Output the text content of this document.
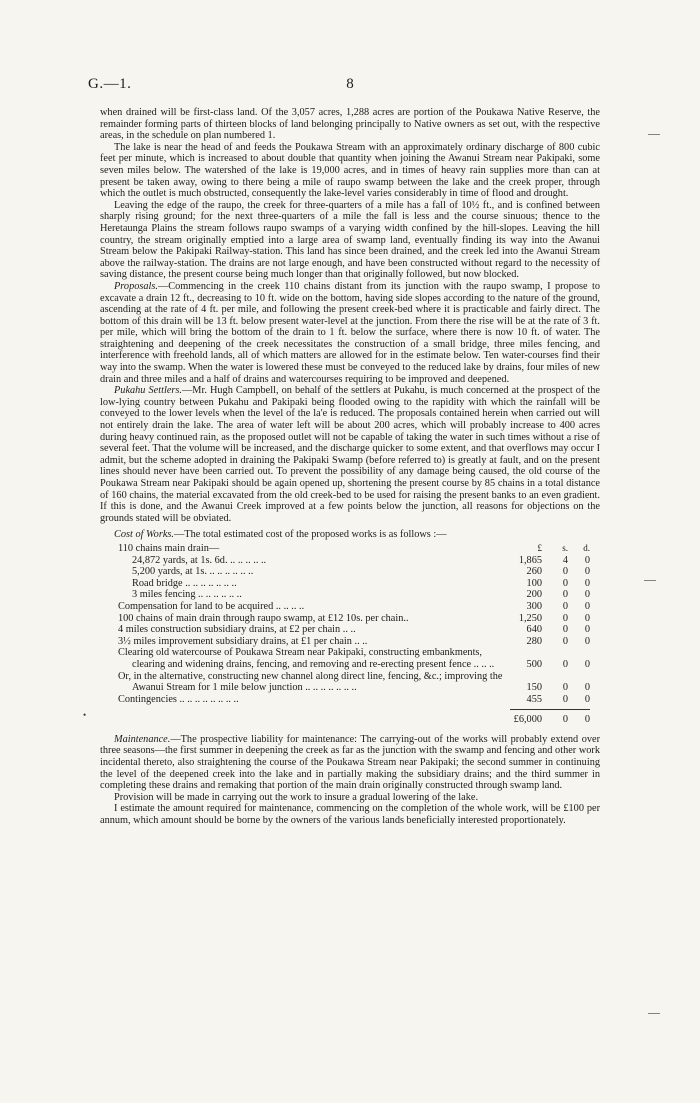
G.—1.	8
—
—
•
—

when drained will be first-class land. Of the 3,057 acres, 1,288 acres are portion of the Poukawa Native Reserve, the remainder forming parts of thirteen blocks of land belonging principally to Native owners as set out, with the respective areas, in the schedule on plan numbered 1.

The lake is near the head of and feeds the Poukawa Stream with an approximately ordinary discharge of 800 cubic feet per minute, which is increased to about double that quantity when joining the Awanui Stream near Pakipaki, some seven miles below. The watershed of the lake is 19,000 acres, and in times of heavy rain supplies more than can at present be taken away, owing to there being a mile of raupo swamp between the lake and the creek proper, through which the outlet is much obstructed, consequently the lake-level varies considerably in time of flood and drought.

Leaving the edge of the raupo, the creek for three-quarters of a mile has a fall of 10½ ft., and is confined between sharply rising ground; for the next three-quarters of a mile the fall is less and the course sinuous; thence to the Heretaunga Plains the stream follows raupo swamps of a varying width confined by the hill-slopes. Leaving the hill country, the stream originally emptied into a large area of swamp land, eventually finding its way into the Awanui Stream below the Pakipaki Railway-station. This land has since been drained, and the creek led into the Awanui Stream above the railway-station. The drains are not large enough, and have been constructed without regard to the necessity of saving distance, the present course being much longer than that originally followed, but now blocked.

Proposals.—Commencing in the creek 110 chains distant from its junction with the raupo swamp, I propose to excavate a drain 12 ft., decreasing to 10 ft. wide on the bottom, having side slopes according to the nature of the ground, ascending at the rate of 4 ft. per mile, and following the present creek-bed where it is practicable and fairly direct. The bottom of this drain will be 13 ft. below present water-level at the junction. From there the rise will be at the rate of 3 ft. per mile, which will bring the bottom of the drain to 1 ft. below the surface, where there is now 10 ft. of water. The straightening and deepening of the creek necessitates the construction of a small bridge, three miles fencing, and interference with freehold lands, all of which matters are allowed for in the estimate below. Ten water-courses find their way into the swamp. When the water is lowered these must be conveyed to the reduced lake by drains, four miles of new drain and three miles and a half of drains and watercourses requiring to be improved and deepened.

Pukahu Settlers.—Mr. Hugh Campbell, on behalf of the settlers at Pukahu, is much concerned at the prospect of the low-lying country between Pukahu and Pakipaki being flooded owing to the rapidity with which the rainfall will be conveyed to the lower levels when the level of the la'e is reduced. The proposals contained herein when carried out will not entirely drain the lake. The area of water left will be about 200 acres, which will probably increase to 400 acres during heavy continued rain, as the proposed outlet will not be capable of taking the water in such times without a rise of several feet. That the volume will be increased, and the discharge quicker to some extent, and that overflows may occur I admit, but the scheme adopted in draining the Pakipaki Swamp (before referred to) is greatly at fault, and on the present lines should never have been carried out. To prevent the possibility of any damage being caused, the old course of the Poukawa Stream near Pakipaki should be again opened up, shortening the present course by 85 chains in a total distance of 160 chains, the material excavated from the old creek-bed to be used for raising the present banks to an even gradient. If this is done, and the Awanui Creek improved at a few points below the junction, all reasons for objections on the grounds stated will be obviated.

Cost of Works.—The total estimated cost of the proposed works is as follows :—

£	s.	d.
110 chains main drain—
24,872 yards, at 1s. 6d. .. .. .. .. ..	1,865	4	0
5,200 yards, at 1s. .. .. .. .. .. ..	260	0	0
Road bridge .. .. .. .. .. .. ..	100	0	0
3 miles fencing .. .. .. .. .. ..	200	0	0
Compensation for land to be acquired .. .. .. ..	300	0	0
100 chains of main drain through raupo swamp, at £12 10s. per chain..	1,250	0	0
4 miles construction subsidiary drains, at £2 per chain .. ..	640	0	0
3½ miles improvement subsidiary drains, at £1 per chain .. ..	280	0	0
Clearing old watercourse of Poukawa Stream near Pakipaki, constructing embankments, clearing and widening drains, fencing, and removing and re-erecting present fence .. .. ..	500	0	0
Or, in the alternative, constructing new channel along direct line, fencing, &c.; improving the Awanui Stream for 1 mile below junction .. .. .. .. .. .. ..	150	0	0
Contingencies .. .. .. .. .. .. .. ..	455	0	0
£6,000	0	0

Maintenance.—The prospective liability for maintenance: The carrying-out of the works will probably extend over three seasons—the first summer in deepening the creek as far as the junction with the swamp and fencing and other work incidental thereto, also straightening the course of the Poukawa Stream near Pakipaki; the second summer in continuing the level of the deepened creek into the lake and in partially making the subsidiary drains; and the third summer in completing these drains and remaking that portion of the main drain originally constructed through swamp land.

Provision will be made in carrying out the work to insure a gradual lowering of the lake.

I estimate the amount required for maintenance, commencing on the completion of the whole work, will be £100 per annum, which amount should be borne by the owners of the various lands beneficially interested proportionately.
